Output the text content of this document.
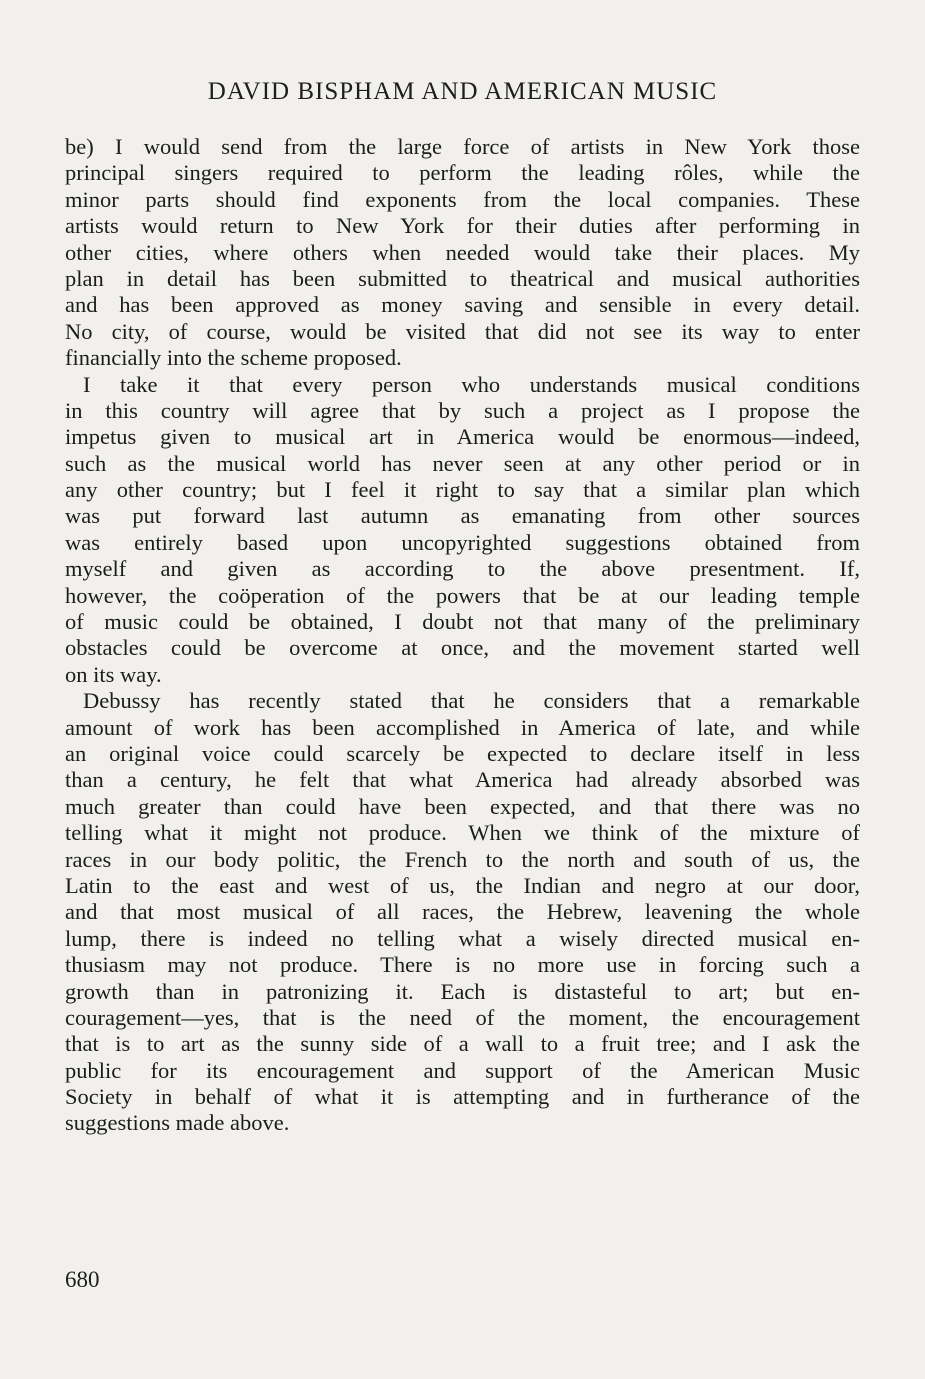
DAVID BISPHAM AND AMERICAN MUSIC
be) I would send from the large force of artists in New York those
principal singers required to perform the leading rôles, while the
minor parts should find exponents from the local companies. These
artists would return to New York for their duties after performing in
other cities, where others when needed would take their places. My
plan in detail has been submitted to theatrical and musical authorities
and has been approved as money saving and sensible in every detail.
No city, of course, would be visited that did not see its way to enter
financially into the scheme proposed.
I take it that every person who understands musical conditions
in this country will agree that by such a project as I propose the
impetus given to musical art in America would be enormous—indeed,
such as the musical world has never seen at any other period or in
any other country; but I feel it right to say that a similar plan which
was put forward last autumn as emanating from other sources
was entirely based upon uncopyrighted suggestions obtained from
myself and given as according to the above presentment. If,
however, the coöperation of the powers that be at our leading temple
of music could be obtained, I doubt not that many of the preliminary
obstacles could be overcome at once, and the movement started well
on its way.
Debussy has recently stated that he considers that a remarkable
amount of work has been accomplished in America of late, and while
an original voice could scarcely be expected to declare itself in less
than a century, he felt that what America had already absorbed was
much greater than could have been expected, and that there was no
telling what it might not produce. When we think of the mixture of
races in our body politic, the French to the north and south of us, the
Latin to the east and west of us, the Indian and negro at our door,
and that most musical of all races, the Hebrew, leavening the whole
lump, there is indeed no telling what a wisely directed musical en-
thusiasm may not produce. There is no more use in forcing such a
growth than in patronizing it. Each is distasteful to art; but en-
couragement—yes, that is the need of the moment, the encouragement
that is to art as the sunny side of a wall to a fruit tree; and I ask the
public for its encouragement and support of the American Music
Society in behalf of what it is attempting and in furtherance of the
suggestions made above.
680
